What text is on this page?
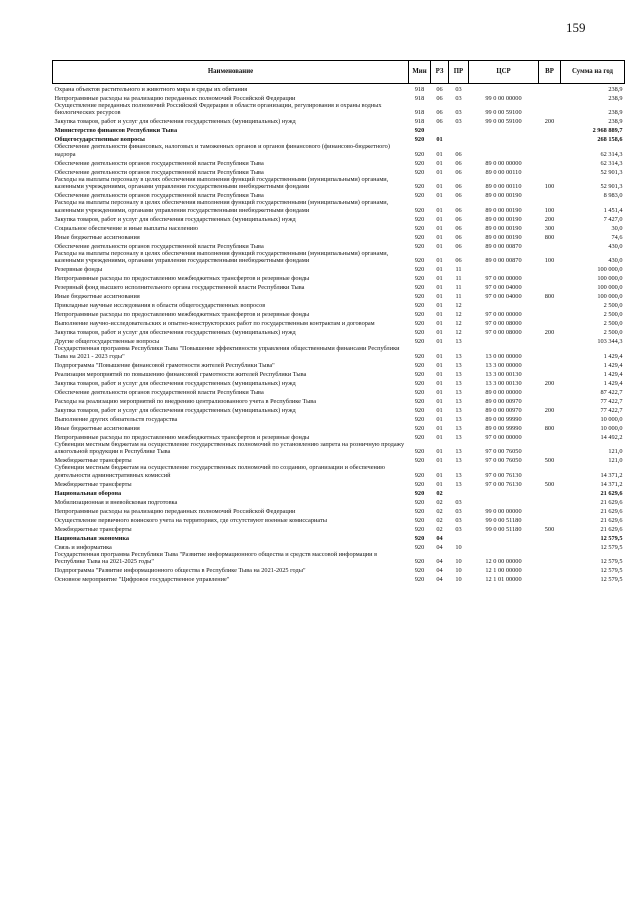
159
Наименование	Мин	РЗ	ПР	ЦСР	ВР	Сумма на год
Охрана объектов растительного и животного мира и среды их обитания	918	06	03			238,9
Непрограммные расходы на реализацию переданных полномочий Российской Федерации	918	06	03	99 0 00 00000		238,9
Осуществление переданных полномочий Российской Федерации в области организации, регулирования и охраны водных биологических ресурсов	918	06	03	99 0 00 59100		238,9
Закупка товаров, работ и услуг для обеспечения государственных (муниципальных) нужд	918	06	03	99 0 00 59100	200	238,9
Министерство финансов Республики Тыва	920					2 968 889,7
Общегосударственные вопросы	920	01				268 158,6
Обеспечение деятельности финансовых, налоговых и таможенных органов и органов финансового (финансово-бюджетного) надзора	920	01	06			62 314,3
Обеспечение деятельности органов государственной власти Республики Тыва	920	01	06	89 0 00 00000		62 314,3
Обеспечение деятельности органов государственной власти Республики Тыва	920	01	06	89 0 00 00110		52 901,3
Расходы на выплаты персоналу в целях обеспечения выполнения функций государственными (муниципальными) органами, казенными учреждениями, органами управления государственными внебюджетными фондами	920	01	06	89 0 00 00110	100	52 901,3
Обеспечение деятельности органов государственной власти Республики Тыва	920	01	06	89 0 00 00190		8 983,0
Расходы на выплаты персоналу в целях обеспечения выполнения функций государственными (муниципальными) органами, казенными учреждениями, органами управления государственными внебюджетными фондами	920	01	06	89 0 00 00190	100	1 451,4
Закупка товаров, работ и услуг для обеспечения государственных (муниципальных) нужд	920	01	06	89 0 00 00190	200	7 427,0
Социальное обеспечение и иные выплаты населению	920	01	06	89 0 00 00190	300	30,0
Иные бюджетные ассигнования	920	01	06	89 0 00 00190	800	74,6
Обеспечение деятельности органов государственной власти Республики Тыва	920	01	06	89 0 00 00870		430,0
Расходы на выплаты персоналу в целях обеспечения выполнения функций государственными (муниципальными) органами, казенными учреждениями, органами управления государственными внебюджетными фондами	920	01	06	89 0 00 00870	100	430,0
Резервные фонды	920	01	11			100 000,0
Непрограммные расходы по предоставлению межбюджетных трансфертов и резервные фонды	920	01	11	97 0 00 00000		100 000,0
Резервный фонд высшего исполнительного органа государственной власти Республики Тыва	920	01	11	97 0 00 04000		100 000,0
Иные бюджетные ассигнования	920	01	11	97 0 00 04000	800	100 000,0
Прикладные научные исследования в области общегосударственных вопросов	920	01	12			2 500,0
Непрограммные расходы по предоставлению межбюджетных трансфертов и резервные фонды	920	01	12	97 0 00 00000		2 500,0
Выполнение научно-исследовательских и опытно-конструкторских работ по государственным контрактам и договорам	920	01	12	97 0 00 08000		2 500,0
Закупка товаров, работ и услуг для обеспечения государственных (муниципальных) нужд	920	01	12	97 0 00 08000	200	2 500,0
Другие общегосударственные вопросы	920	01	13			103 344,3
Государственная программа Республики Тыва "Повышение эффективности управления общественными финансами Республики Тыва на 2021 - 2023 годы"	920	01	13	13 0 00 00000		1 429,4
Подпрограмма "Повышение финансовой грамотности жителей Республики Тыва"	920	01	13	13 3 00 00000		1 429,4
Реализация мероприятий по повышению финансовой грамотности жителей Республики Тыва	920	01	13	13 3 00 00130		1 429,4
Закупка товаров, работ и услуг для обеспечения государственных (муниципальных) нужд	920	01	13	13 3 00 00130	200	1 429,4
Обеспечение деятельности органов государственной власти Республики Тыва	920	01	13	89 0 00 00000		87 422,7
Расходы на реализацию мероприятий по внедрению централизованного учета в Республике Тыва	920	01	13	89 0 00 00970		77 422,7
Закупка товаров, работ и услуг для обеспечения государственных (муниципальных) нужд	920	01	13	89 0 00 00970	200	77 422,7
Выполнение других обязательств государства	920	01	13	89 0 00 99990		10 000,0
Иные бюджетные ассигнования	920	01	13	89 0 00 99990	800	10 000,0
Непрограммные расходы по предоставлению межбюджетных трансфертов и резервные фонды	920	01	13	97 0 00 00000		14 492,2
Субвенции местным бюджетам на осуществление государственных полномочий по установлению запрета на розничную продажу алкогольной продукции в Республике Тыва	920	01	13	97 0 00 76050		121,0
Межбюджетные трансферты	920	01	13	97 0 00 76050	500	121,0
Субвенции местным бюджетам на осуществление государственных полномочий по созданию, организации и обеспечению деятельности административных комиссий	920	01	13	97 0 00 76130		14 371,2
Межбюджетные трансферты	920	01	13	97 0 00 76130	500	14 371,2
Национальная оборона	920	02				21 629,6
Мобилизационная и вневойсковая подготовка	920	02	03			21 629,6
Непрограммные расходы на реализацию переданных полномочий Российской Федерации	920	02	03	99 0 00 00000		21 629,6
Осуществление первичного воинского учета на территориях, где отсутствуют военные комиссариаты	920	02	03	99 0 00 51180		21 629,6
Межбюджетные трансферты	920	02	03	99 0 00 51180	500	21 629,6
Национальная экономика	920	04				12 579,5
Связь и информатика	920	04	10			12 579,5
Государственная программа Республики Тыва "Развитие информационного общества и средств массовой информации в Республике Тыва на 2021-2025 годы"	920	04	10	12 0 00 00000		12 579,5
Подпрограмма "Развитие информационного общества в Республике Тыва на 2021-2025 годы"	920	04	10	12 1 00 00000		12 579,5
Основное мероприятие "Цифровое государственное управление"	920	04	10	12 1 01 00000		12 579,5
